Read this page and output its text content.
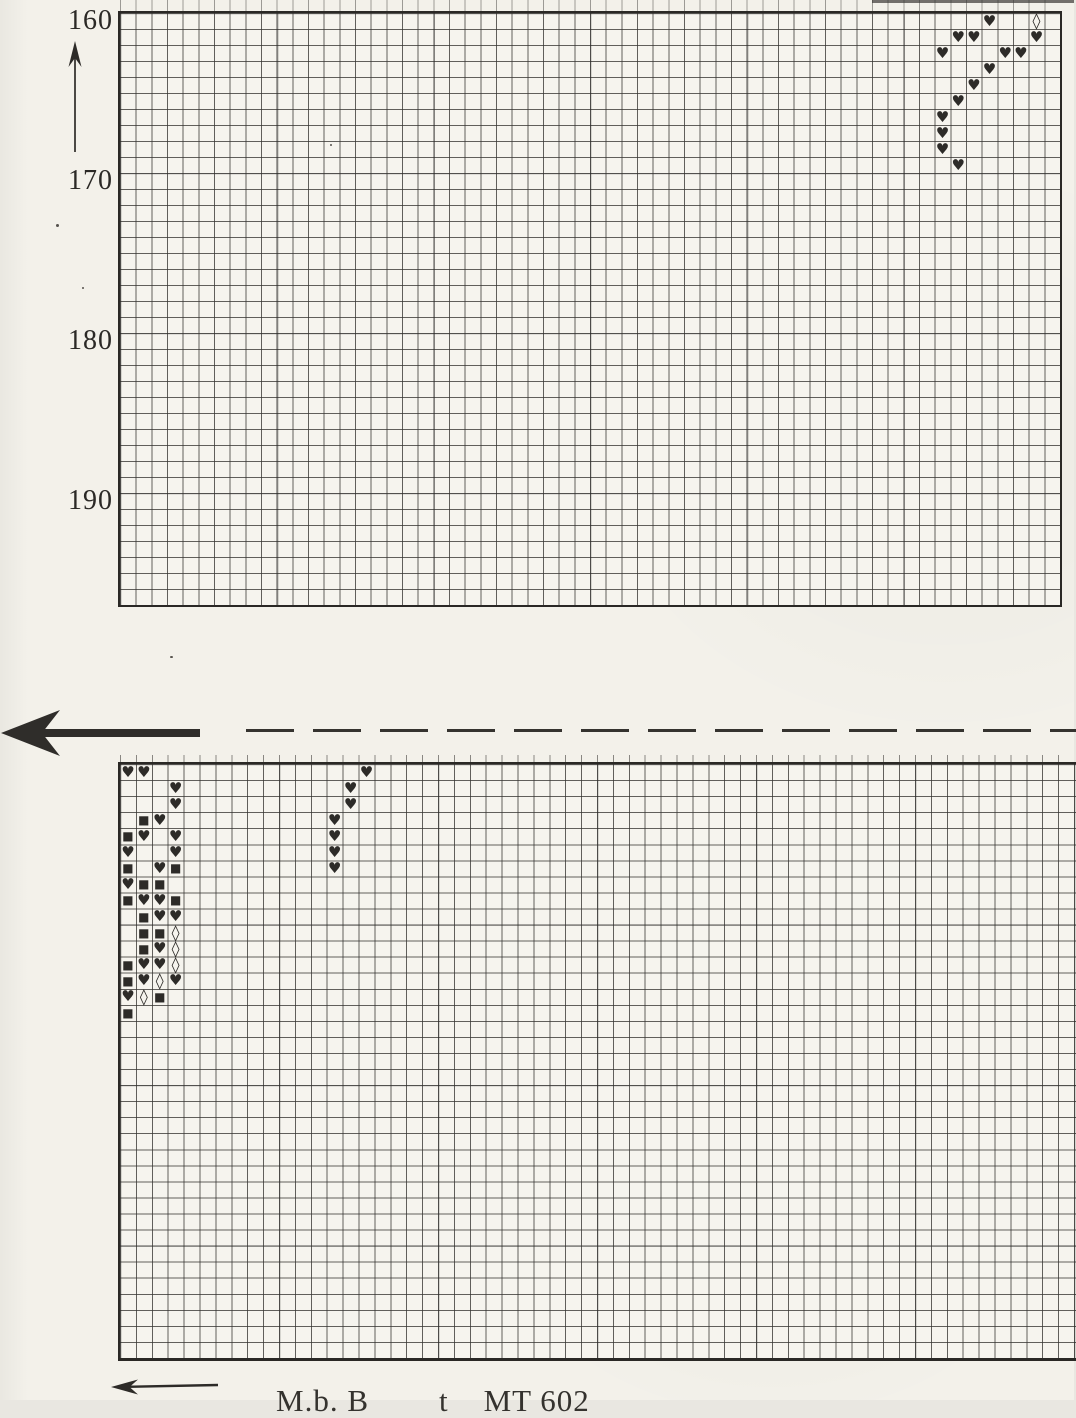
♥ ◊
♥ ♥	♥
♥	♥ ♥
♥
♥
♥
♥
♥
♥
♥
160
170
180
190
♥ ♥	♥
♥	♥
♥	♥
■ ♥	♥
■ ♥ ♥	♥
♥ ♥	♥
■ ♥ ■	♥
♥ ■ ■
■ ♥ ♥ ■
■ ♥ ♥
■ ■ ◊
■ ♥ ◊
■ ♥ ♥ ◊
■ ♥ ◊ ♥
♥ ◊ ■
■
M.b. B        t    MT 602
